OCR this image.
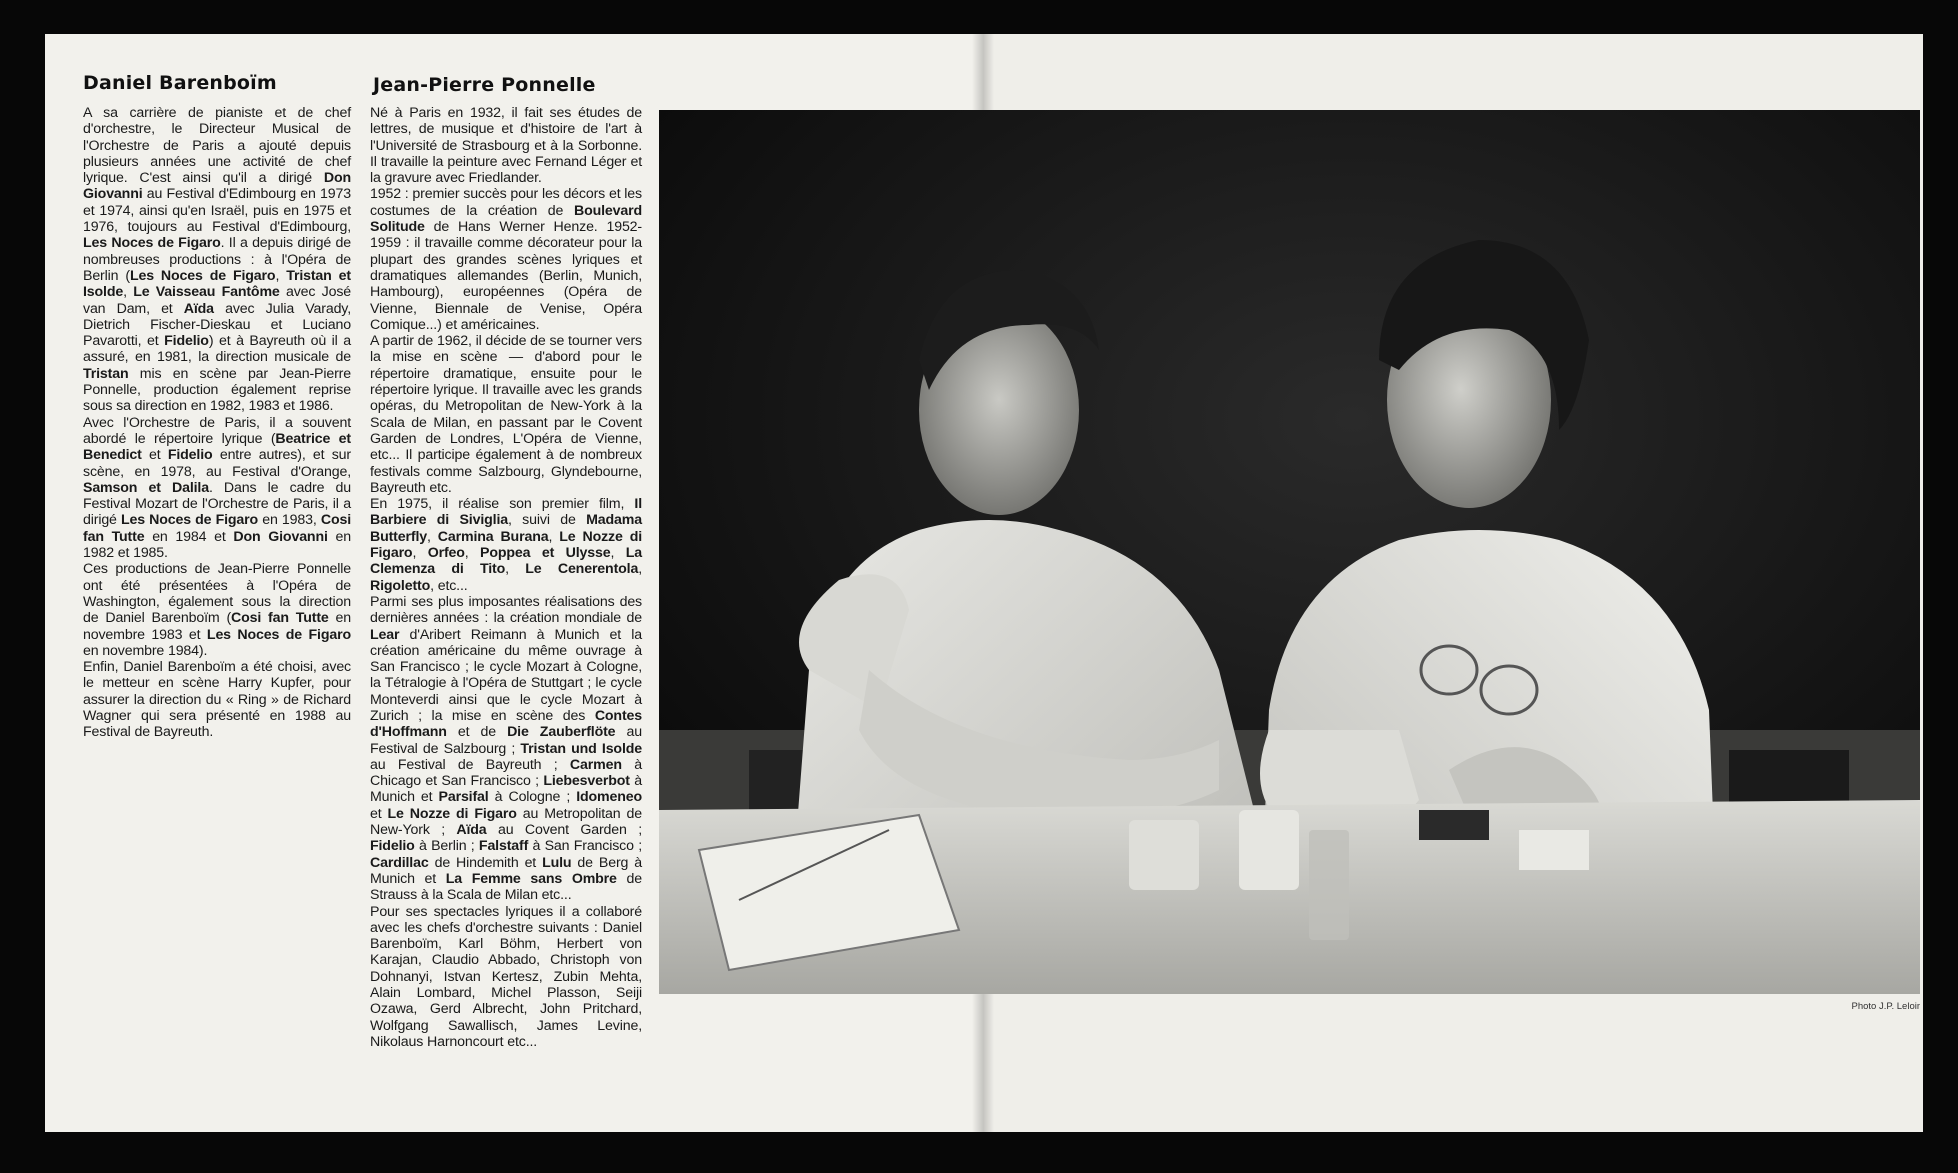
Daniel Barenboïm

A sa carrière de pianiste et de chef d'orchestre, le Directeur Musical de l'Orchestre de Paris a ajouté depuis plusieurs années une activité de chef lyrique. C'est ainsi qu'il a dirigé Don Giovanni au Festival d'Edimbourg en 1973 et 1974, ainsi qu'en Israël, puis en 1975 et 1976, toujours au Festival d'Edimbourg, Les Noces de Figaro. Il a depuis dirigé de nombreuses productions : à l'Opéra de Berlin (Les Noces de Figaro, Tristan et Isolde, Le Vaisseau Fantôme avec José van Dam, et Aïda avec Julia Varady, Dietrich Fischer-Dieskau et Luciano Pavarotti, et Fidelio) et à Bayreuth où il a assuré, en 1981, la direction musicale de Tristan mis en scène par Jean-Pierre Ponnelle, production également reprise sous sa direction en 1982, 1983 et 1986.

Avec l'Orchestre de Paris, il a souvent abordé le répertoire lyrique (Beatrice et Benedict et Fidelio entre autres), et sur scène, en 1978, au Festival d'Orange, Samson et Dalila. Dans le cadre du Festival Mozart de l'Orchestre de Paris, il a dirigé Les Noces de Figaro en 1983, Cosi fan Tutte en 1984 et Don Giovanni en 1982 et 1985.

Ces productions de Jean-Pierre Ponnelle ont été présentées à l'Opéra de Washington, également sous la direction de Daniel Barenboïm (Cosi fan Tutte en novembre 1983 et Les Noces de Figaro en novembre 1984).

Enfin, Daniel Barenboïm a été choisi, avec le metteur en scène Harry Kupfer, pour assurer la direction du « Ring » de Richard Wagner qui sera présenté en 1988 au Festival de Bayreuth.

Jean-Pierre Ponnelle

Né à Paris en 1932, il fait ses études de lettres, de musique et d'histoire de l'art à l'Université de Strasbourg et à la Sorbonne. Il travaille la peinture avec Fernand Léger et la gravure avec Friedlander.

1952 : premier succès pour les décors et les costumes de la création de Boulevard Solitude de Hans Werner Henze. 1952-1959 : il travaille comme décorateur pour la plupart des grandes scènes lyriques et dramatiques allemandes (Berlin, Munich, Hambourg), européennes (Opéra de Vienne, Biennale de Venise, Opéra Comique...) et américaines.

A partir de 1962, il décide de se tourner vers la mise en scène — d'abord pour le répertoire dramatique, ensuite pour le répertoire lyrique. Il travaille avec les grands opéras, du Metropolitan de New-York à la Scala de Milan, en passant par le Covent Garden de Londres, L'Opéra de Vienne, etc... Il participe également à de nombreux festivals comme Salzbourg, Glyndebourne, Bayreuth etc.

En 1975, il réalise son premier film, Il Barbiere di Siviglia, suivi de Madama Butterfly, Carmina Burana, Le Nozze di Figaro, Orfeo, Poppea et Ulysse, La Clemenza di Tito, Le Cenerentola, Rigoletto, etc...

Parmi ses plus imposantes réalisations des dernières années : la création mondiale de Lear d'Aribert Reimann à Munich et la création américaine du même ouvrage à San Francisco ; le cycle Mozart à Cologne, la Tétralogie à l'Opéra de Stuttgart ; le cycle Monteverdi ainsi que le cycle Mozart à Zurich ; la mise en scène des Contes d'Hoffmann et de Die Zauberflöte au Festival de Salzbourg ; Tristan und Isolde au Festival de Bayreuth ; Carmen à Chicago et San Francisco ; Liebesverbot à Munich et Parsifal à Cologne ; Idomeneo et Le Nozze di Figaro au Metropolitan de New-York ; Aïda au Covent Garden ; Fidelio à Berlin ; Falstaff à San Francisco ; Cardillac de Hindemith et Lulu de Berg à Munich et La Femme sans Ombre de Strauss à la Scala de Milan etc...

Pour ses spectacles lyriques il a collaboré avec les chefs d'orchestre suivants : Daniel Barenboïm, Karl Böhm, Herbert von Karajan, Claudio Abbado, Christoph von Dohnanyi, Istvan Kertesz, Zubin Mehta, Alain Lombard, Michel Plasson, Seiji Ozawa, Gerd Albrecht, John Pritchard, Wolfgang Sawallisch, James Levine, Nikolaus Harnoncourt etc...

Photo J.P. Leloir
